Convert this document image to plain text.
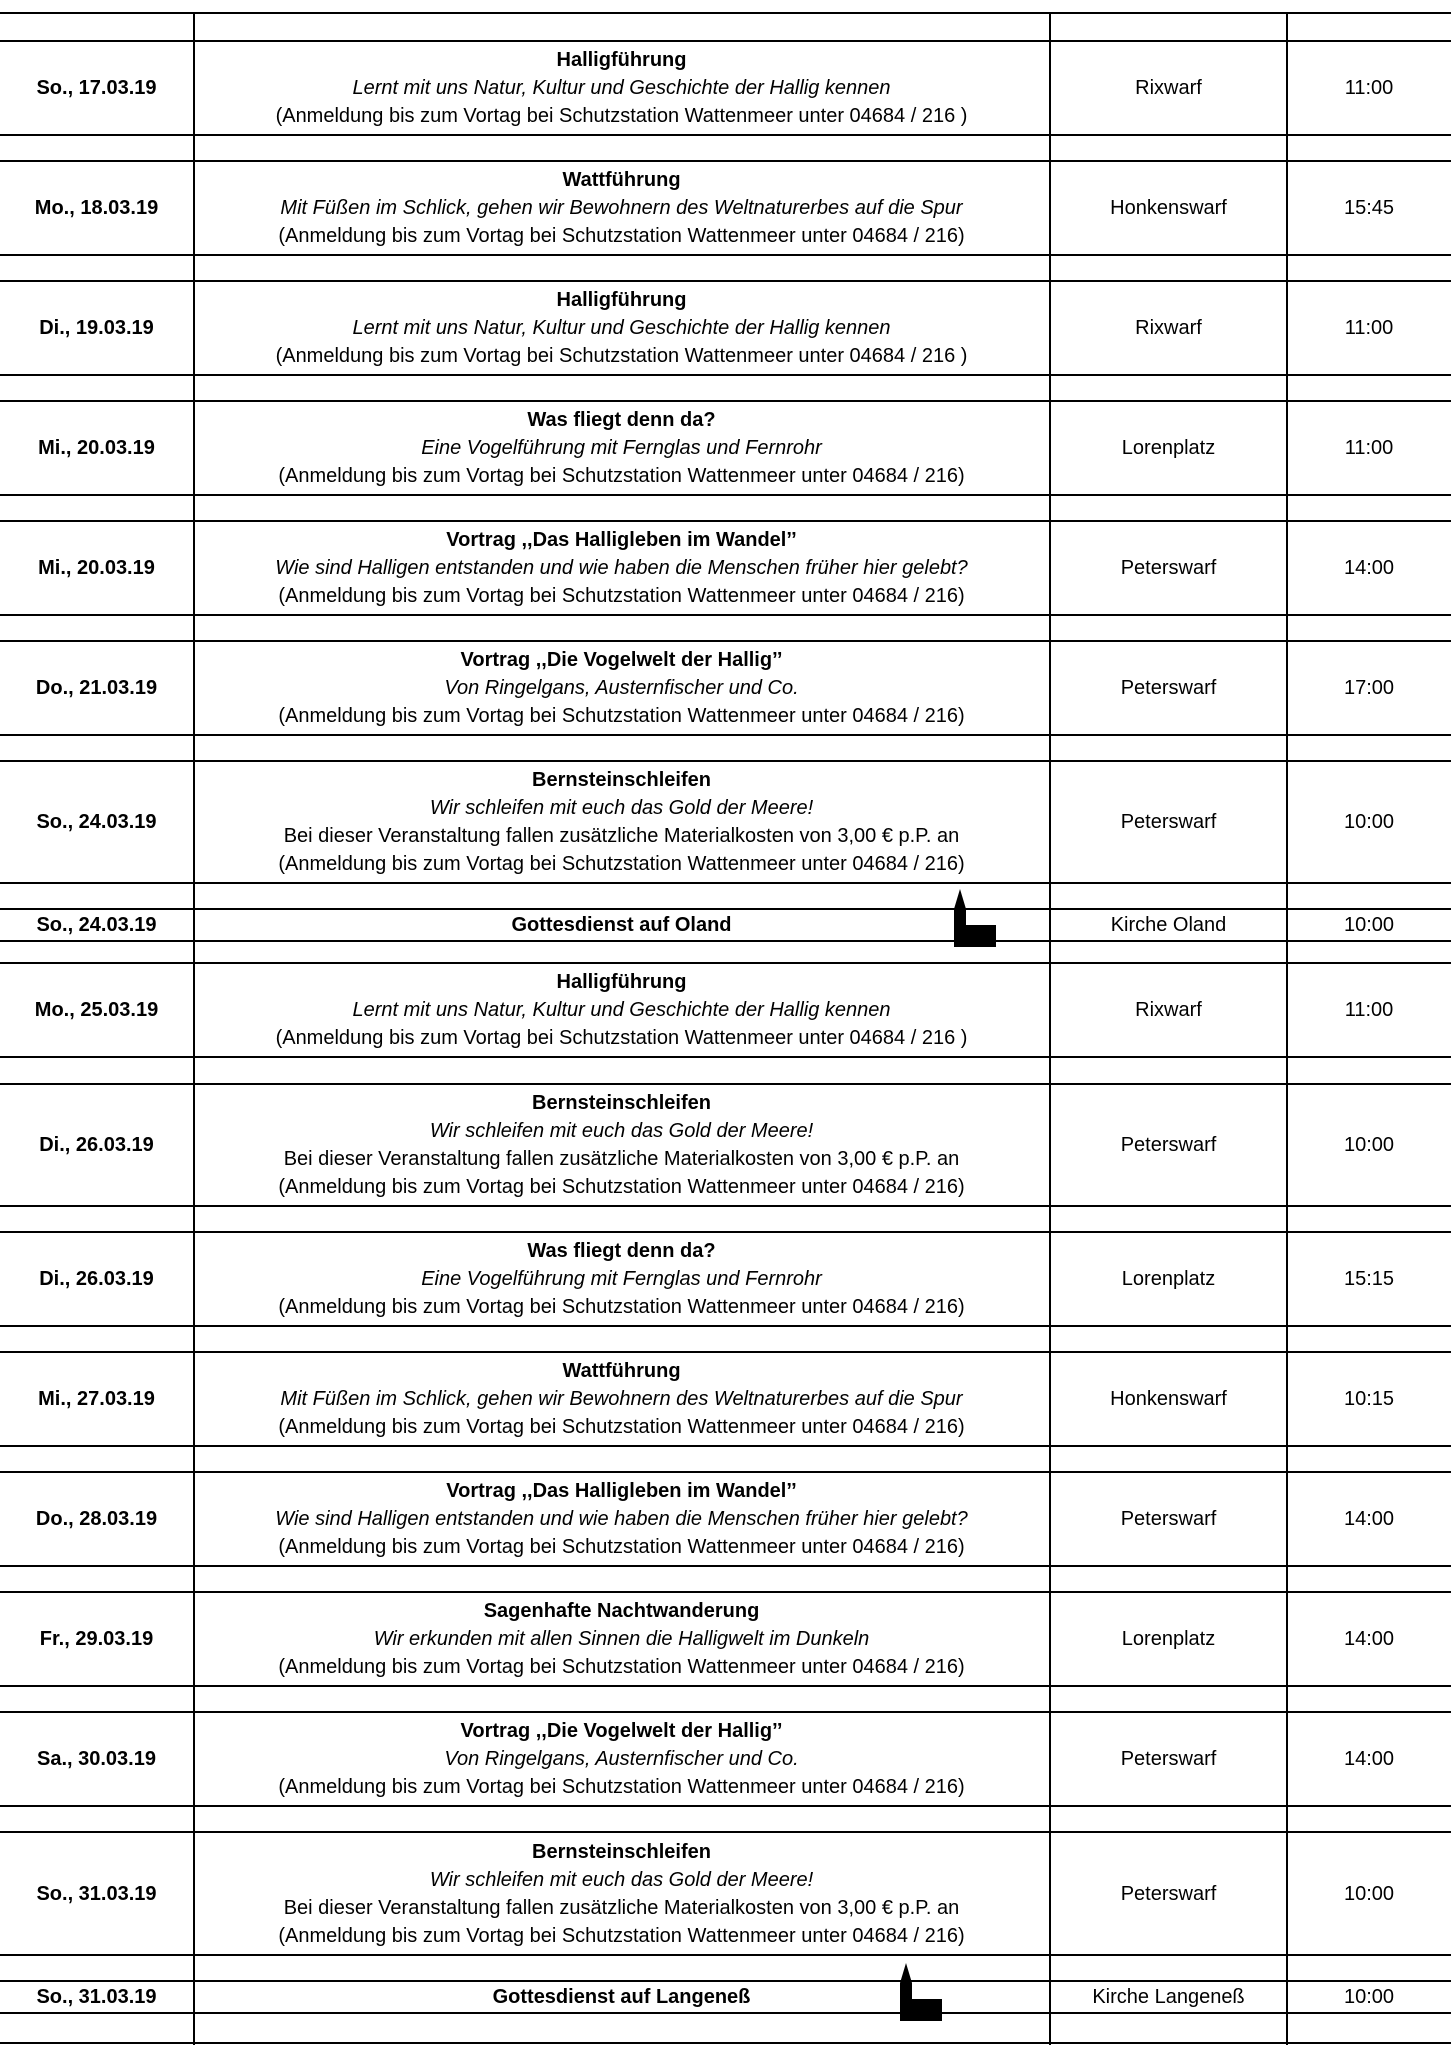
So., 17.03.19
Halligführung
Lernt mit uns Natur, Kultur und Geschichte der Hallig kennen
(Anmeldung bis zum Vortag bei Schutzstation Wattenmeer unter 04684 / 216 )
Rixwarf	11:00
Mo., 18.03.19
Wattführung
Mit Füßen im Schlick, gehen wir Bewohnern des Weltnaturerbes auf die Spur
(Anmeldung bis zum Vortag bei Schutzstation Wattenmeer unter 04684 / 216)
Honkenswarf	15:45
Di., 19.03.19
Halligführung
Lernt mit uns Natur, Kultur und Geschichte der Hallig kennen
(Anmeldung bis zum Vortag bei Schutzstation Wattenmeer unter 04684 / 216 )
Rixwarf	11:00
Mi., 20.03.19
Was fliegt denn da?
Eine Vogelführung mit Fernglas und Fernrohr
(Anmeldung bis zum Vortag bei Schutzstation Wattenmeer unter 04684 / 216)
Lorenplatz	11:00
Mi., 20.03.19
Vortrag ,,Das Halligleben im Wandel’’
Wie sind Halligen entstanden und wie haben die Menschen früher hier gelebt?
(Anmeldung bis zum Vortag bei Schutzstation Wattenmeer unter 04684 / 216)
Peterswarf	14:00
Do., 21.03.19
Vortrag ,,Die Vogelwelt der Hallig’’
Von Ringelgans, Austernfischer und Co.
(Anmeldung bis zum Vortag bei Schutzstation Wattenmeer unter 04684 / 216)
Peterswarf	17:00
So., 24.03.19
Bernsteinschleifen
Wir schleifen mit euch das Gold der Meere!
Bei dieser Veranstaltung fallen zusätzliche Materialkosten von 3,00 € p.P. an
(Anmeldung bis zum Vortag bei Schutzstation Wattenmeer unter 04684 / 216)
Peterswarf	10:00
So., 24.03.19	Gottesdienst auf Oland	Kirche Oland	10:00
Mo., 25.03.19
Halligführung
Lernt mit uns Natur, Kultur und Geschichte der Hallig kennen
(Anmeldung bis zum Vortag bei Schutzstation Wattenmeer unter 04684 / 216 )
Rixwarf	11:00
Di., 26.03.19
Bernsteinschleifen
Wir schleifen mit euch das Gold der Meere!
Bei dieser Veranstaltung fallen zusätzliche Materialkosten von 3,00 € p.P. an
(Anmeldung bis zum Vortag bei Schutzstation Wattenmeer unter 04684 / 216)
Peterswarf	10:00
Di., 26.03.19
Was fliegt denn da?
Eine Vogelführung mit Fernglas und Fernrohr
(Anmeldung bis zum Vortag bei Schutzstation Wattenmeer unter 04684 / 216)
Lorenplatz	15:15
Mi., 27.03.19
Wattführung
Mit Füßen im Schlick, gehen wir Bewohnern des Weltnaturerbes auf die Spur
(Anmeldung bis zum Vortag bei Schutzstation Wattenmeer unter 04684 / 216)
Honkenswarf	10:15
Do., 28.03.19
Vortrag ,,Das Halligleben im Wandel’’
Wie sind Halligen entstanden und wie haben die Menschen früher hier gelebt?
(Anmeldung bis zum Vortag bei Schutzstation Wattenmeer unter 04684 / 216)
Peterswarf	14:00
Fr., 29.03.19
Sagenhafte Nachtwanderung
Wir erkunden mit allen Sinnen die Halligwelt im Dunkeln
(Anmeldung bis zum Vortag bei Schutzstation Wattenmeer unter 04684 / 216)
Lorenplatz	14:00
Sa., 30.03.19
Vortrag ,,Die Vogelwelt der Hallig’’
Von Ringelgans, Austernfischer und Co.
(Anmeldung bis zum Vortag bei Schutzstation Wattenmeer unter 04684 / 216)
Peterswarf	14:00
So., 31.03.19
Bernsteinschleifen
Wir schleifen mit euch das Gold der Meere!
Bei dieser Veranstaltung fallen zusätzliche Materialkosten von 3,00 € p.P. an
(Anmeldung bis zum Vortag bei Schutzstation Wattenmeer unter 04684 / 216)
Peterswarf	10:00
So., 31.03.19	Gottesdienst auf Langeneß	Kirche Langeneß	10:00
